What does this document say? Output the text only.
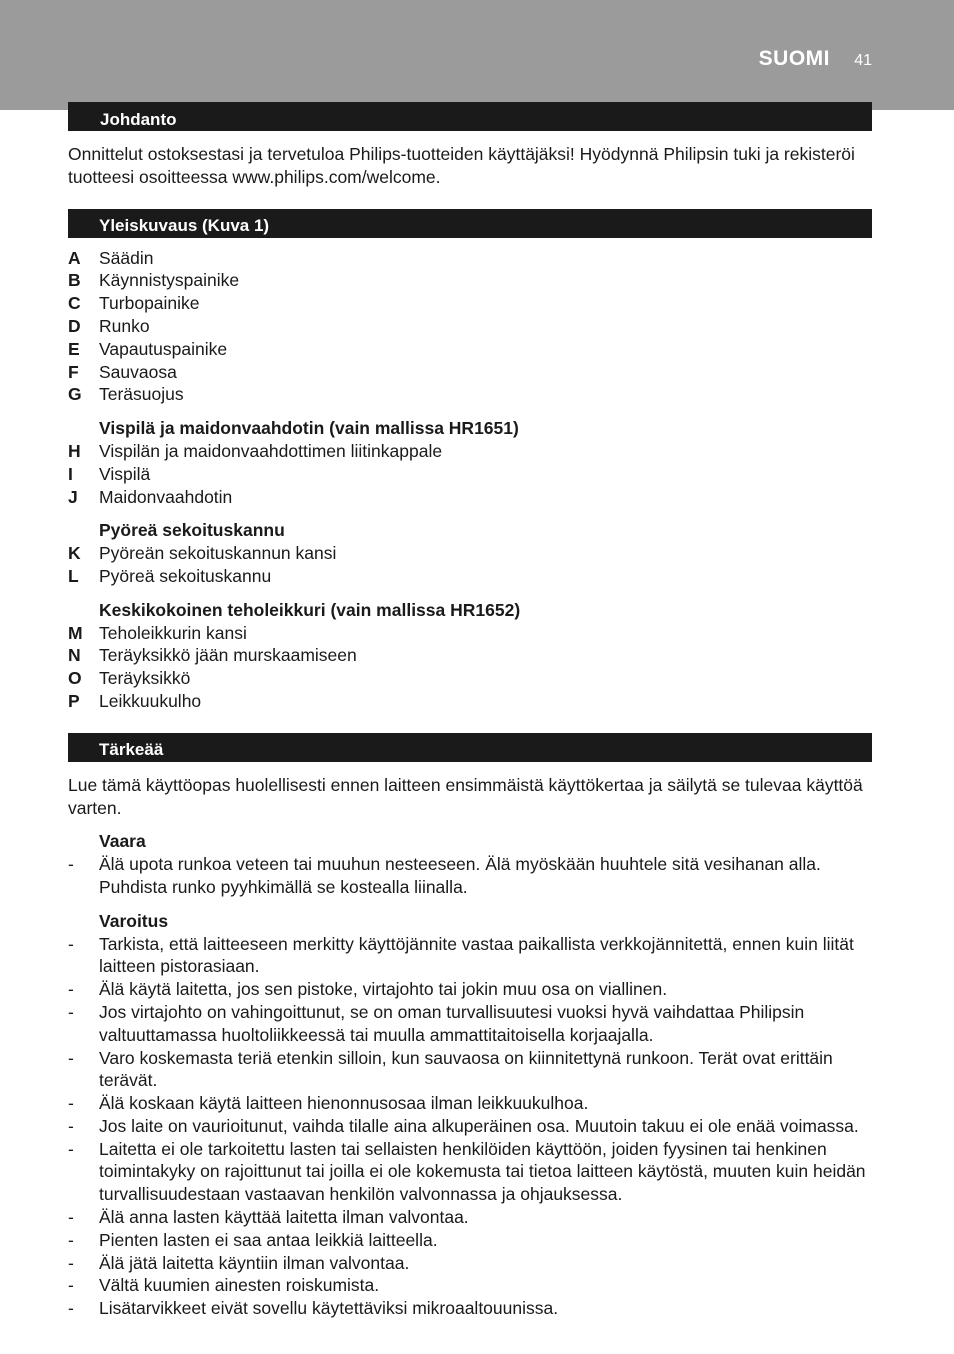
SUOMI 41
Johdanto

Onnittelut ostoksestasi ja tervetuloa Philips-tuotteiden käyttäjäksi! Hyödynnä Philipsin tuki ja rekisteröi tuotteesi osoitteessa www.philips.com/welcome.

Yleiskuvaus (Kuva 1)
A	Säädin
B	Käynnistyspainike
C	Turbopainike
D	Runko
E	Vapautuspainike
F	Sauvaosa
G Teräsuojus
Vispilä ja maidonvaahdotin (vain mallissa HR1651)
H	Vispilän ja maidonvaahdottimen liitinkappale
I	Vispilä
J	Maidonvaahdotin
Pyöreä sekoituskannu
K	Pyöreän sekoituskannun kansi
L	Pyöreä sekoituskannu
Keskikokoinen teholeikkuri (vain mallissa HR1652)
M Teholeikkurin kansi
N	Teräyksikkö jään murskaamiseen
O Teräyksikkö
P	Leikkuukulho
Tärkeää

Lue tämä käyttöopas huolellisesti ennen laitteen ensimmäistä käyttökertaa ja säilytä se tulevaa käyttöä varten.

Vaara
-	Älä upota runkoa veteen tai muuhun nesteeseen. Älä myöskään huuhtele sitä vesihanan alla. Puhdista runko pyyhkimällä se kostealla liinalla.
Varoitus
-	Tarkista, että laitteeseen merkitty käyttöjännite vastaa paikallista verkkojännitettä, ennen kuin liität laitteen pistorasiaan.
-	Älä käytä laitetta, jos sen pistoke, virtajohto tai jokin muu osa on viallinen.
-	Jos virtajohto on vahingoittunut, se on oman turvallisuutesi vuoksi hyvä vaihdattaa Philipsin valtuuttamassa huoltoliikkeessä tai muulla ammattitaitoisella korjaajalla.
-	Varo koskemasta teriä etenkin silloin, kun sauvaosa on kiinnitettynä runkoon. Terät ovat erittäin terävät.
-	Älä koskaan käytä laitteen hienonnusosaa ilman leikkuukulhoa.
-	Jos laite on vaurioitunut, vaihda tilalle aina alkuperäinen osa. Muutoin takuu ei ole enää voimassa.
-	Laitetta ei ole tarkoitettu lasten tai sellaisten henkilöiden käyttöön, joiden fyysinen tai henkinen toimintakyky on rajoittunut tai joilla ei ole kokemusta tai tietoa laitteen käytöstä, muuten kuin heidän turvallisuudestaan vastaavan henkilön valvonnassa ja ohjauksessa.
-	Älä anna lasten käyttää laitetta ilman valvontaa.
-	Pienten lasten ei saa antaa leikkiä laitteella.
-	Älä jätä laitetta käyntiin ilman valvontaa.
-	Vältä kuumien ainesten roiskumista.
-	Lisätarvikkeet eivät sovellu käytettäviksi mikroaaltouunissa.
